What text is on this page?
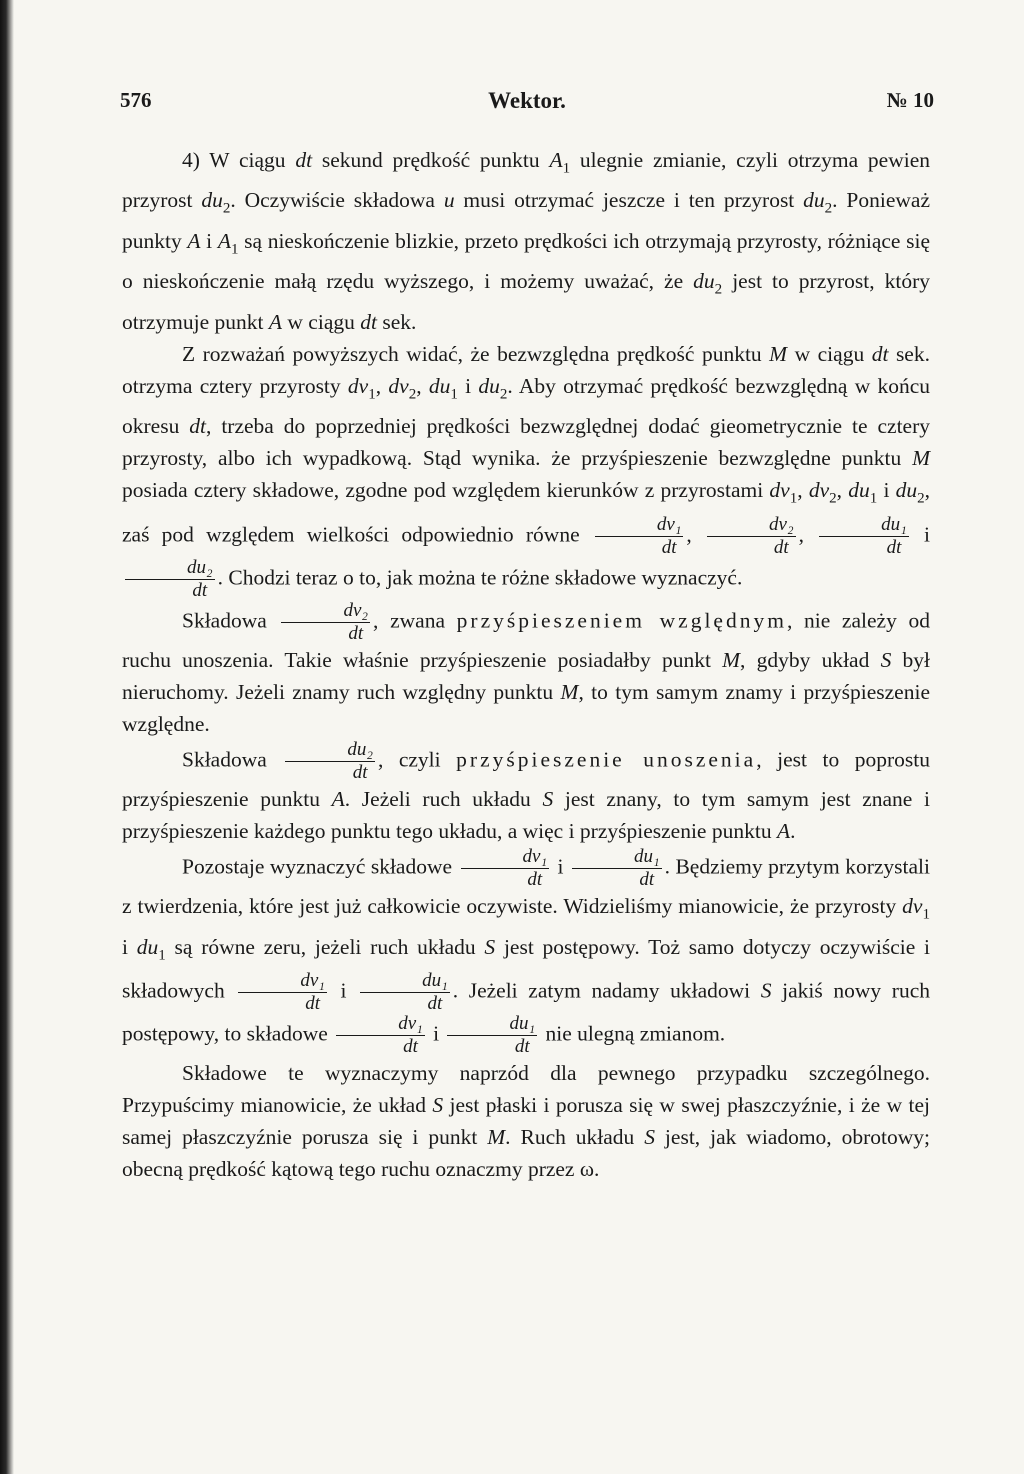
576	Wektor.	№ 10

4) W ciągu dt sekund prędkość punktu $A_1$ ulegnie zmianie, czyli otrzyma pewien przyrost $du_2$. Oczywiście składowa u musi otrzymać jeszcze i ten przyrost $du_2$. Ponieważ punkty A i $A_1$ są nieskończenie blizkie, przeto prędkości ich otrzymają przyrosty, różniące się o nieskończenie małą rzędu wyższego, i możemy uważać, że $du_2$ jest to przyrost, który otrzymuje punkt A w ciągu dt sek.

Z rozważań powyższych widać, że bezwzględna prędkość punktu M w ciągu dt sek. otrzyma cztery przyrosty $dv_1$, $dv_2$, $du_1$ i $du_2$. Aby otrzymać prędkość bezwzględną w końcu okresu dt, trzeba do poprzedniej prędkości bezwzględnej dodać gieometrycznie te cztery przyrosty, albo ich wypadkową. Stąd wynika. że przyśpieszenie bezwzględne punktu M posiada cztery składowe, zgodne pod względem kierunków z przyrostami $dv_1$, $dv_2$, $du_1$ i $du_2$, zaś pod względem wielkości odpowiednio równe $\frac{\text{dv₁}}{dt}$ , $\frac{\text{dv₂}}{dt}$ , $\frac{\text{du₁}}{dt}$ i
$\frac{\text{du₂}}{dt}$ . Chodzi teraz o to, jak można te różne składowe wyznaczyć.

Składowa $\frac{\text{dv₂}}{dt}$ , zwana przyśpieszeniem względnym, nie zależy od ruchu unoszenia. Takie właśnie przyśpieszenie posiadałby punkt M, gdyby układ S był nieruchomy. Jeżeli znamy ruch względny punktu M, to tym samym znamy i przyśpieszenie względne.

Składowa $\frac{\text{du₂}}{dt}$ , czyli przyśpieszenie unoszenia, jest to poprostu przyśpieszenie punktu A. Jeżeli ruch układu S jest znany, to tym samym jest znane i przyśpieszenie każdego punktu tego układu, a więc i przyśpieszenie punktu A.

Pozostaje wyznaczyć składowe $\frac{\text{dv₁}}{dt}$ i $\frac{\text{du₁}}{dt}$ . Będziemy przytym korzystali z twierdzenia, które jest już całkowicie oczywiste. Widzieliśmy mianowicie, że przyrosty $dv_1$ i $du_1$ są równe zeru, jeżeli ruch układu S jest postępowy. Toż samo dotyczy oczywiście i składowych $\frac{\text{dv₁}}{dt}$ i $\frac{\text{du₁}}{dt}$ . Jeżeli zatym nadamy układowi S jakiś nowy ruch postępowy, to składowe $\frac{\text{dv₁}}{dt}$ i $\frac{\text{du₁}}{dt}$ nie ulegną zmianom.

Składowe te wyznaczymy naprzód dla pewnego przypadku szczególnego. Przypuścimy mianowicie, że układ S jest płaski i porusza się w swej płaszczyźnie, i że w tej samej płaszczyźnie porusza się i punkt M. Ruch układu S jest, jak wiadomo, obrotowy; obecną prędkość kątową tego ruchu oznaczmy przez ω.
